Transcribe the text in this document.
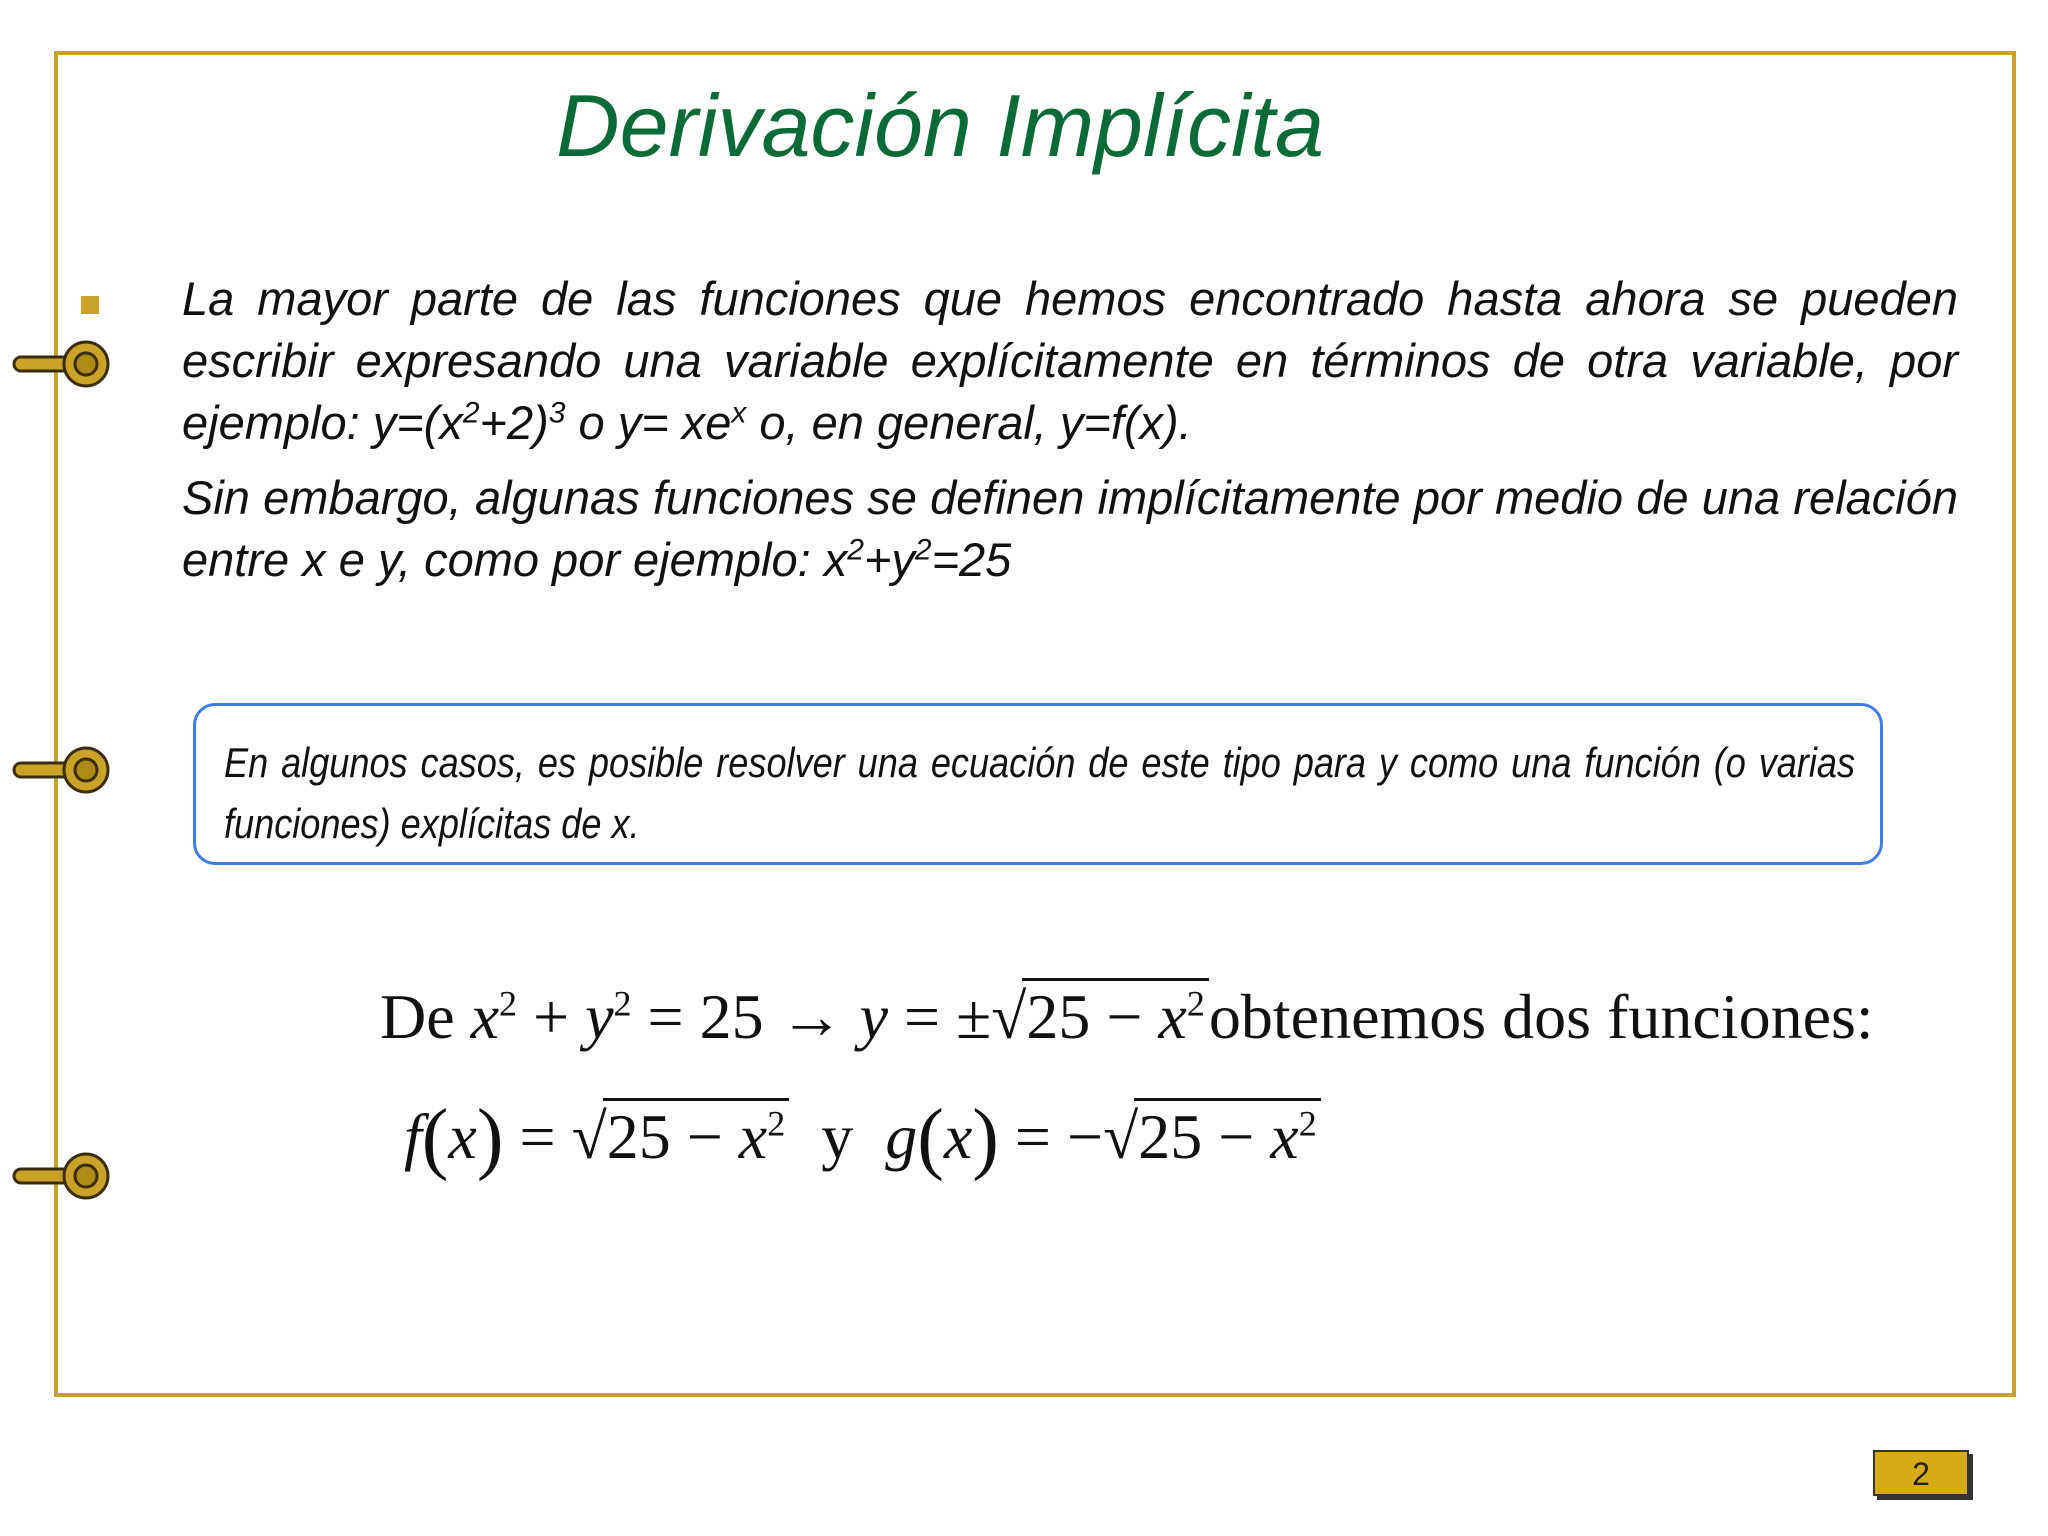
Derivación Implícita

La mayor parte de las funciones que hemos encontrado hasta ahora se pueden escribir expresando una variable explícitamente en términos de otra variable, por ejemplo: $y=(x^2+2)^3$ o $y= xe^x$ o, en general, y=f(x).

Sin embargo, algunas funciones se definen implícitamente por medio de una relación entre x e y, como por ejemplo: $x^2+y^2=25$

En algunos casos, es posible resolver una ecuación de este tipo para y como una función (o varias funciones) explícitas de x.

De $x^2 + y^2 = 25 \to y = \pm√25$ − $x^2obtenemos$ dos funciones:
$f(x) = √25 - x^2$  y  $g(x) = -√25 - x^2$
2
